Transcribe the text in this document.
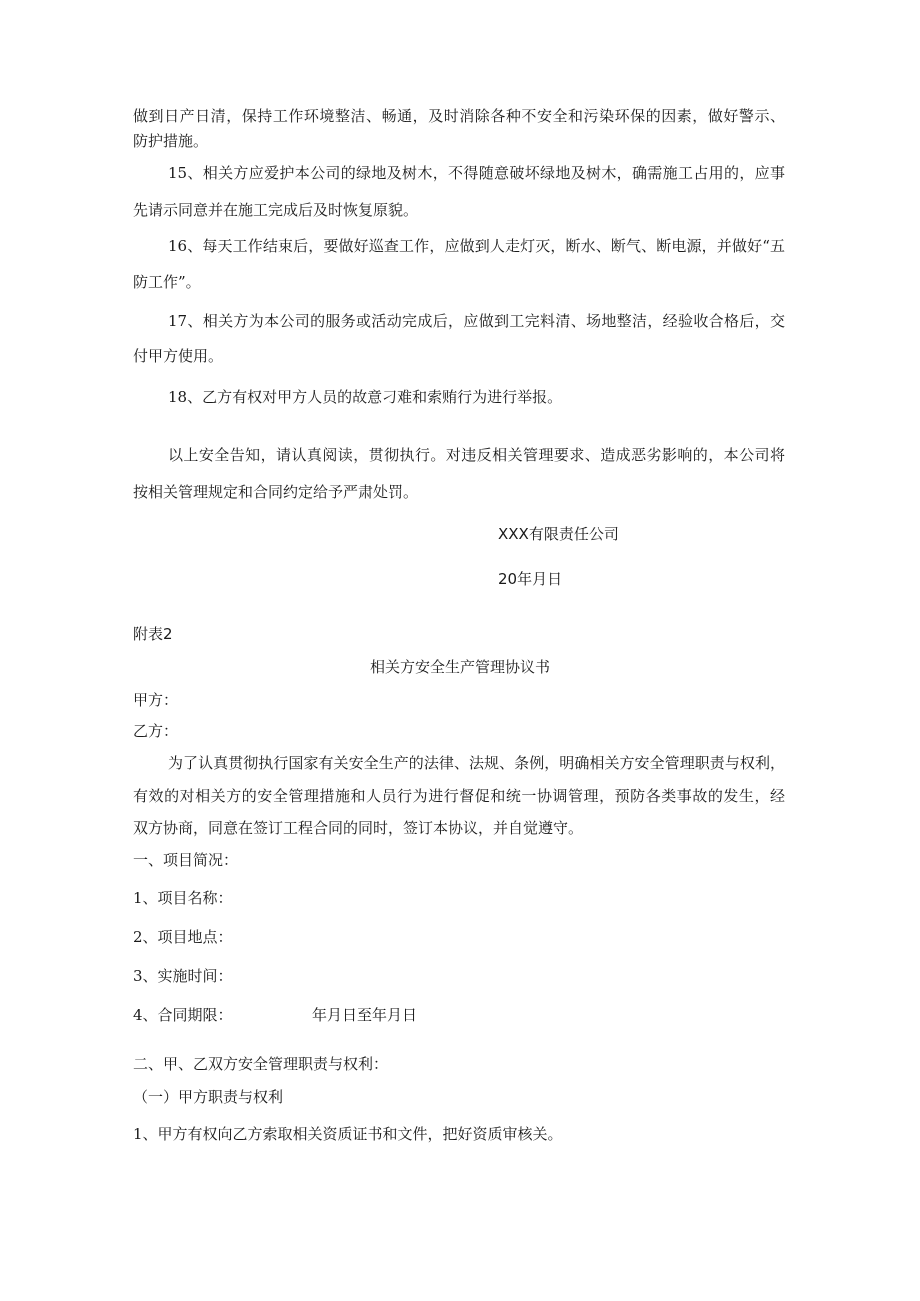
做到日产日清，保持工作环境整洁、畅通，及时消除各种不安全和污染环保的因素，做好警示、
防护措施。
15、相关方应爱护本公司的绿地及树木，不得随意破坏绿地及树木，确需施工占用的，应事
先请示同意并在施工完成后及时恢复原貌。
16、每天工作结束后，要做好巡查工作，应做到人走灯灭，断水、断气、断电源，并做好“五
防工作”。
17、相关方为本公司的服务或活动完成后，应做到工完料清、场地整洁，经验收合格后，交
付甲方使用。
18、乙方有权对甲方人员的故意刁难和索贿行为进行举报。
以上安全告知，请认真阅读，贯彻执行。对违反相关管理要求、造成恶劣影响的，本公司将
按相关管理规定和合同约定给予严肃处罚。
XXX有限责任公司
20年月日
附表2
相关方安全生产管理协议书
甲方：
乙方：
为了认真贯彻执行国家有关安全生产的法律、法规、条例，明确相关方安全管理职责与权利，
有效的对相关方的安全管理措施和人员行为进行督促和统一协调管理，预防各类事故的发生，经
双方协商，同意在签订工程合同的同时，签订本协议，并自觉遵守。
一、项目简况：
1、项目名称：
2、项目地点：
3、实施时间：
4、合同期限：	年月日至年月日
二、甲、乙双方安全管理职责与权利：
（一）甲方职责与权利
1、甲方有权向乙方索取相关资质证书和文件，把好资质审核关。
